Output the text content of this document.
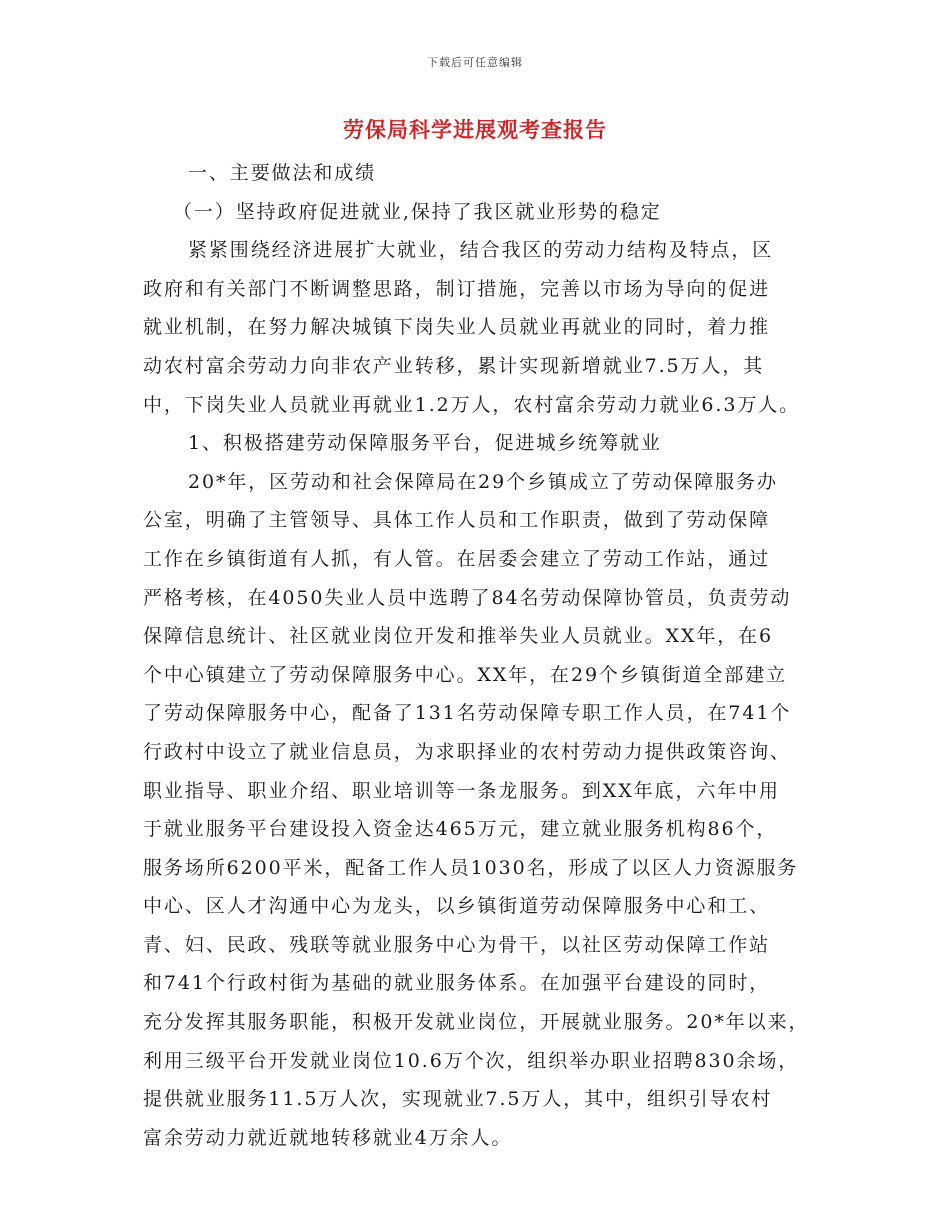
下载后可任意编辑
劳保局科学进展观考查报告
一、主要做法和成绩
（一）坚持政府促进就业,保持了我区就业形势的稳定
紧紧围绕经济进展扩大就业，结合我区的劳动力结构及特点，区
政府和有关部门不断调整思路，制订措施，完善以市场为导向的促进
就业机制，在努力解决城镇下岗失业人员就业再就业的同时，着力推
动农村富余劳动力向非农产业转移，累计实现新增就业7.5万人，其
中，下岗失业人员就业再就业1.2万人，农村富余劳动力就业6.3万人。
1、积极搭建劳动保障服务平台，促进城乡统筹就业
20*年，区劳动和社会保障局在29个乡镇成立了劳动保障服务办
公室，明确了主管领导、具体工作人员和工作职责，做到了劳动保障
工作在乡镇街道有人抓，有人管。在居委会建立了劳动工作站，通过
严格考核，在4050失业人员中选聘了84名劳动保障协管员，负责劳动
保障信息统计、社区就业岗位开发和推举失业人员就业。XX年，在6
个中心镇建立了劳动保障服务中心。XX年，在29个乡镇街道全部建立
了劳动保障服务中心，配备了131名劳动保障专职工作人员，在741个
行政村中设立了就业信息员，为求职择业的农村劳动力提供政策咨询、
职业指导、职业介绍、职业培训等一条龙服务。到XX年底，六年中用
于就业服务平台建设投入资金达465万元，建立就业服务机构86个，
服务场所6200平米，配备工作人员1030名，形成了以区人力资源服务
中心、区人才沟通中心为龙头，以乡镇街道劳动保障服务中心和工、
青、妇、民政、残联等就业服务中心为骨干，以社区劳动保障工作站
和741个行政村街为基础的就业服务体系。在加强平台建设的同时，
充分发挥其服务职能，积极开发就业岗位，开展就业服务。20*年以来，
利用三级平台开发就业岗位10.6万个次，组织举办职业招聘830余场，
提供就业服务11.5万人次，实现就业7.5万人，其中，组织引导农村
富余劳动力就近就地转移就业4万余人。
